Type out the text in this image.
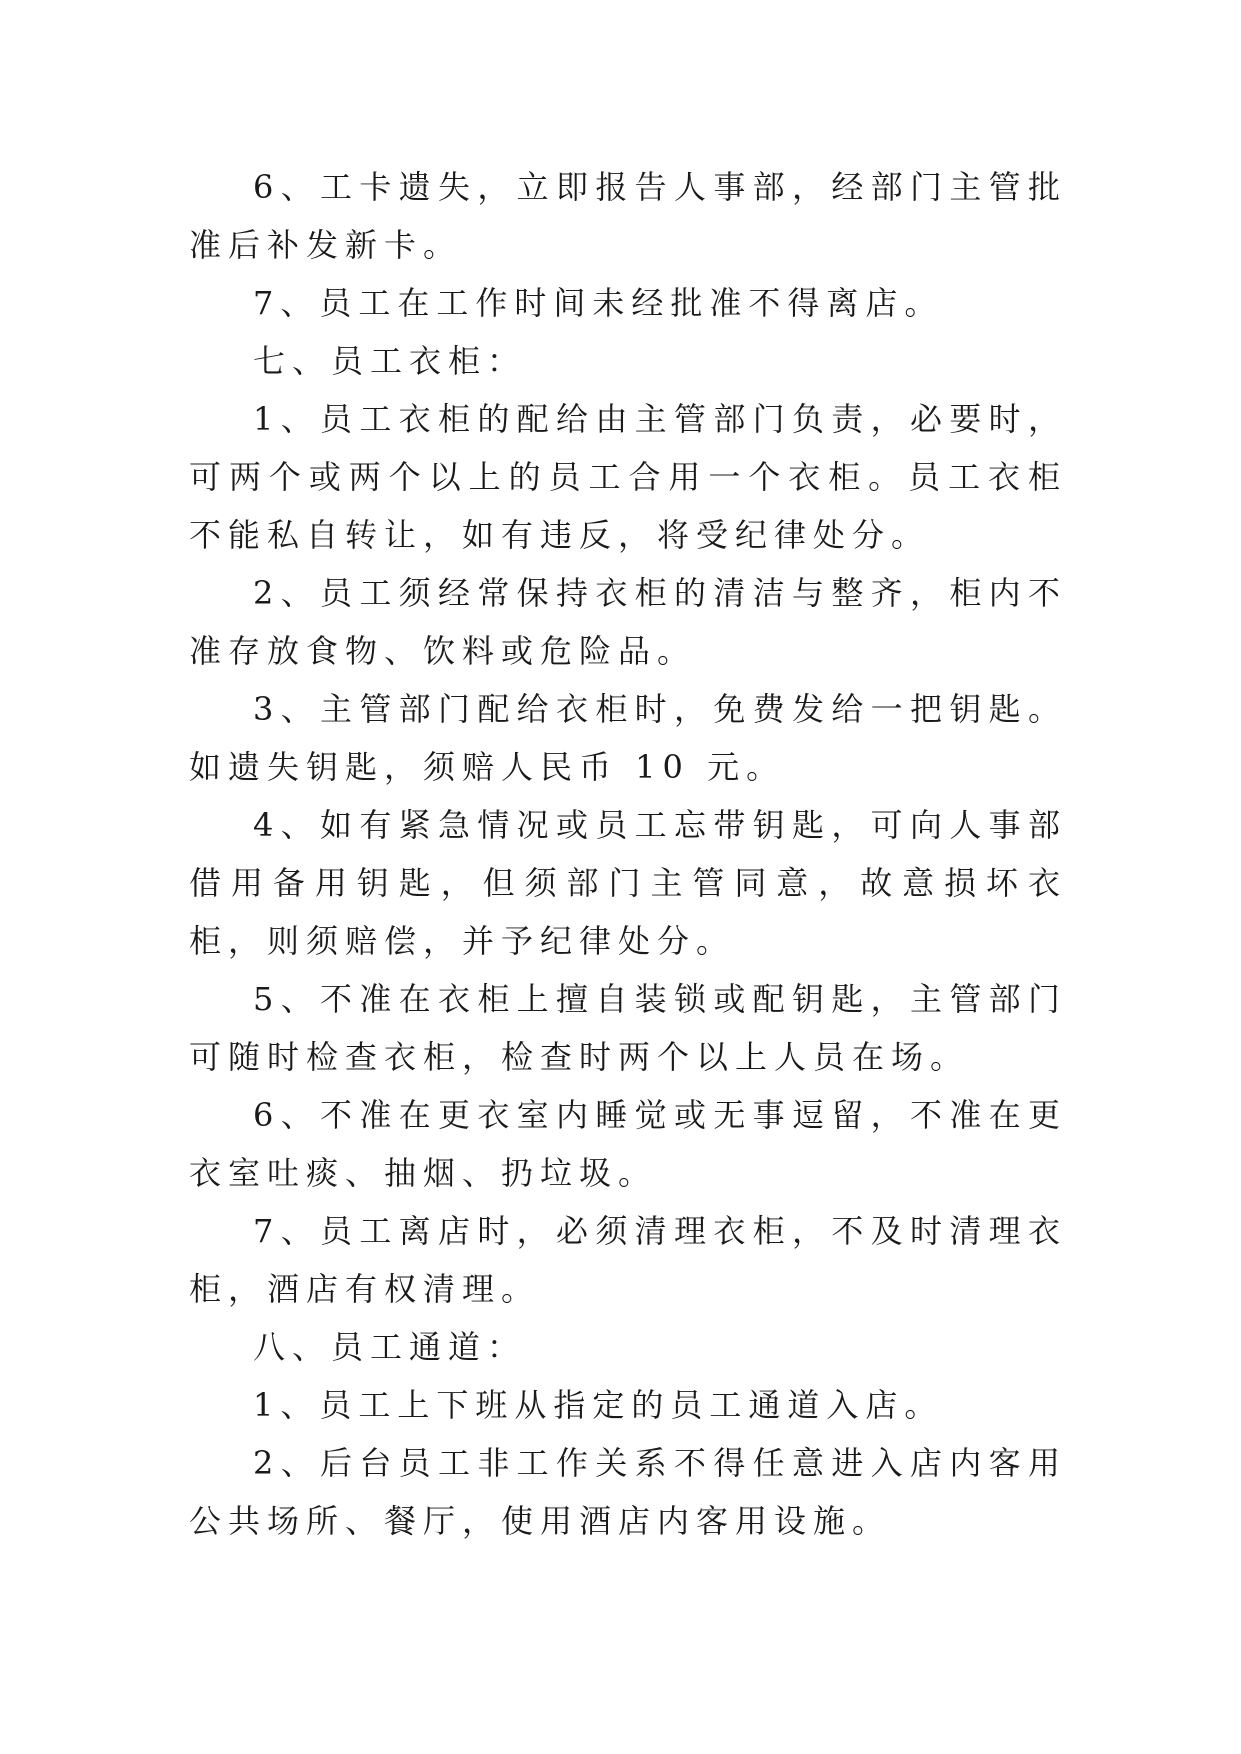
6、工卡遗失，立即报告人事部，经部门主管批准后补发新卡。

7、员工在工作时间未经批准不得离店。

七、员工衣柜：

1、员工衣柜的配给由主管部门负责，必要时，可两个或两个以上的员工合用一个衣柜。员工衣柜不能私自转让，如有违反，将受纪律处分。

2、员工须经常保持衣柜的清洁与整齐，柜内不准存放食物、饮料或危险品。

3、主管部门配给衣柜时，免费发给一把钥匙。如遗失钥匙，须赔人民币 10 元。

4、如有紧急情况或员工忘带钥匙，可向人事部借用备用钥匙，但须部门主管同意，故意损坏衣柜，则须赔偿，并予纪律处分。

5、不准在衣柜上擅自装锁或配钥匙，主管部门可随时检查衣柜，检查时两个以上人员在场。

6、不准在更衣室内睡觉或无事逗留，不准在更衣室吐痰、抽烟、扔垃圾。

7、员工离店时，必须清理衣柜，不及时清理衣柜，酒店有权清理。

八、员工通道：

1、员工上下班从指定的员工通道入店。

2、后台员工非工作关系不得任意进入店内客用公共场所、餐厅，使用酒店内客用设施。
